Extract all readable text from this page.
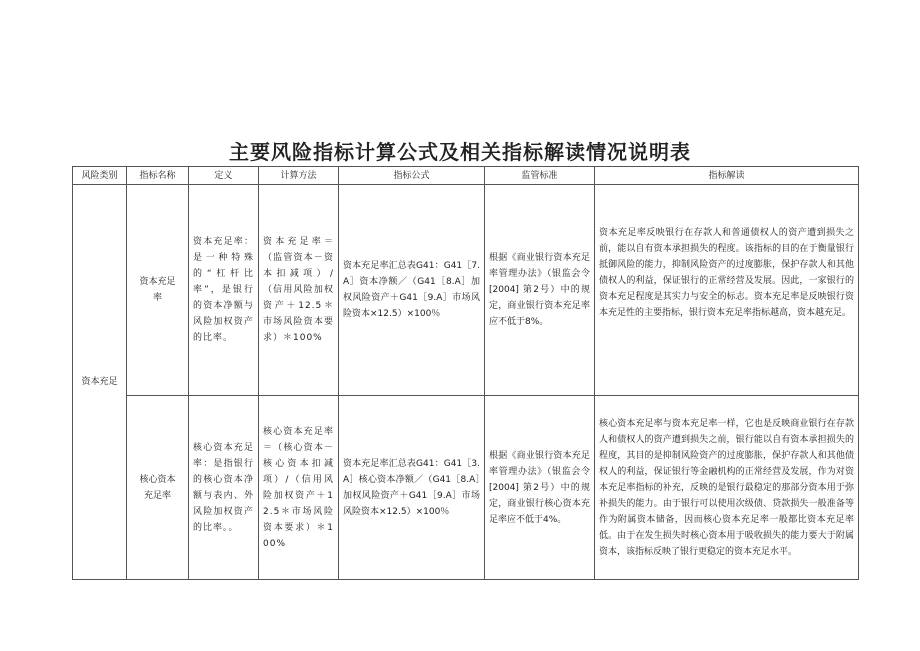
主要风险指标计算公式及相关指标解读情况说明表
风险类别	指标名称	定义	计算方法	指标公式	监管标准	指标解读
资本充足	资本充足率	资本充足率：是一种特殊的“杠杆比率”，是银行的资本净额与风险加权资产的比率。	资本充足率＝（监管资本－资本扣减项）/（信用风险加权资产＋12.5＊市场风险资本要求）＊100%	资本充足率汇总表G41：G41［7.A］资本净额／（G41［8.A］加权风险资产＋G41［9.A］市场风险资本×12.5）×100％	根据《商业银行资本充足率管理办法》（银监会令[2004] 第2号）中的规定，商业银行资本充足率应不低于8%。	资本充足率反映银行在存款人和普通债权人的资产遭到损失之前，能以自有资本承担损失的程度。该指标的目的在于衡量银行抵御风险的能力，抑制风险资产的过度膨胀，保护存款人和其他债权人的利益，保证银行的正常经营及发展。因此，一家银行的资本充足程度是其实力与安全的标志。资本充足率是反映银行资本充足性的主要指标，银行资本充足率指标越高，资本越充足。
	核心资本充足率	核心资本充足率：是指银行的核心资本净额与表内、外风险加权资产的比率。。	核心资本充足率＝（核心资本－核心资本扣减项）/（信用风险加权资产＋12.5＊市场风险资本要求）＊100%	资本充足率汇总表G41：G41［3.A］核心资本净额／（G41［8.A］加权风险资产＋G41［9.A］市场风险资本×12.5）×100％	根据《商业银行资本充足率管理办法》（银监会令[2004] 第2号）中的规定，商业银行核心资本充足率应不低于4%。	核心资本充足率与资本充足率一样，它也是反映商业银行在存款人和债权人的资产遭到损失之前，银行能以自有资本承担损失的程度，其目的是抑制风险资产的过度膨胀，保护存款人和其他债权人的利益，保证银行等金融机构的正常经营及发展，作为对资本充足率指标的补充，反映的是银行最稳定的那部分资本用于弥补损失的能力。由于银行可以使用次级债、贷款损失一般准备等作为附属资本储备，因而核心资本充足率一般都比资本充足率低。由于在发生损失时核心资本用于吸收损失的能力要大于附属资本，该指标反映了银行更稳定的资本充足水平。
